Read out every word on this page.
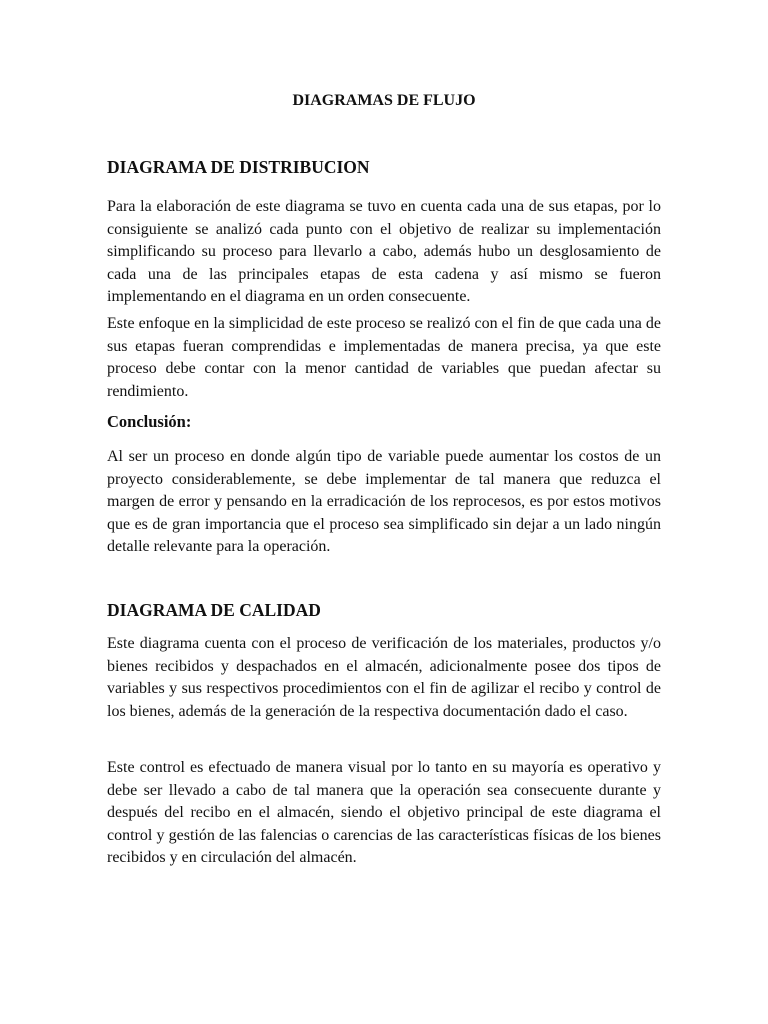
DIAGRAMAS DE FLUJO
DIAGRAMA DE DISTRIBUCION

Para la elaboración de este diagrama se tuvo en cuenta cada una de sus etapas, por lo consiguiente se analizó cada punto con el objetivo de realizar su implementación simplificando su proceso para llevarlo a cabo, además hubo un desglosamiento de cada una de las principales etapas de esta cadena y así mismo se fueron implementando en el diagrama en un orden consecuente.

Este enfoque en la simplicidad de este proceso se realizó con el fin de que cada una de sus etapas fueran comprendidas e implementadas de manera precisa, ya que este proceso debe contar con la menor cantidad de variables que puedan afectar su rendimiento.

Conclusión:

Al ser un proceso en donde algún tipo de variable puede aumentar los costos de un proyecto considerablemente, se debe implementar de tal manera que reduzca el margen de error y pensando en la erradicación de los reprocesos, es por estos motivos que es de gran importancia que el proceso sea simplificado sin dejar a un lado ningún detalle relevante para la operación.

DIAGRAMA DE CALIDAD

Este diagrama cuenta con el proceso de verificación de los materiales, productos y/o bienes recibidos y despachados en el almacén, adicionalmente posee dos tipos de variables y sus respectivos procedimientos con el fin de agilizar el recibo y control de los bienes, además de la generación de la respectiva documentación dado el caso.

Este control es efectuado de manera visual por lo tanto en su mayoría es operativo y debe ser llevado a cabo de tal manera que la operación sea consecuente durante y después del recibo en el almacén, siendo el objetivo principal de este diagrama el control y gestión de las falencias o carencias de las características físicas de los bienes recibidos y en circulación del almacén.
